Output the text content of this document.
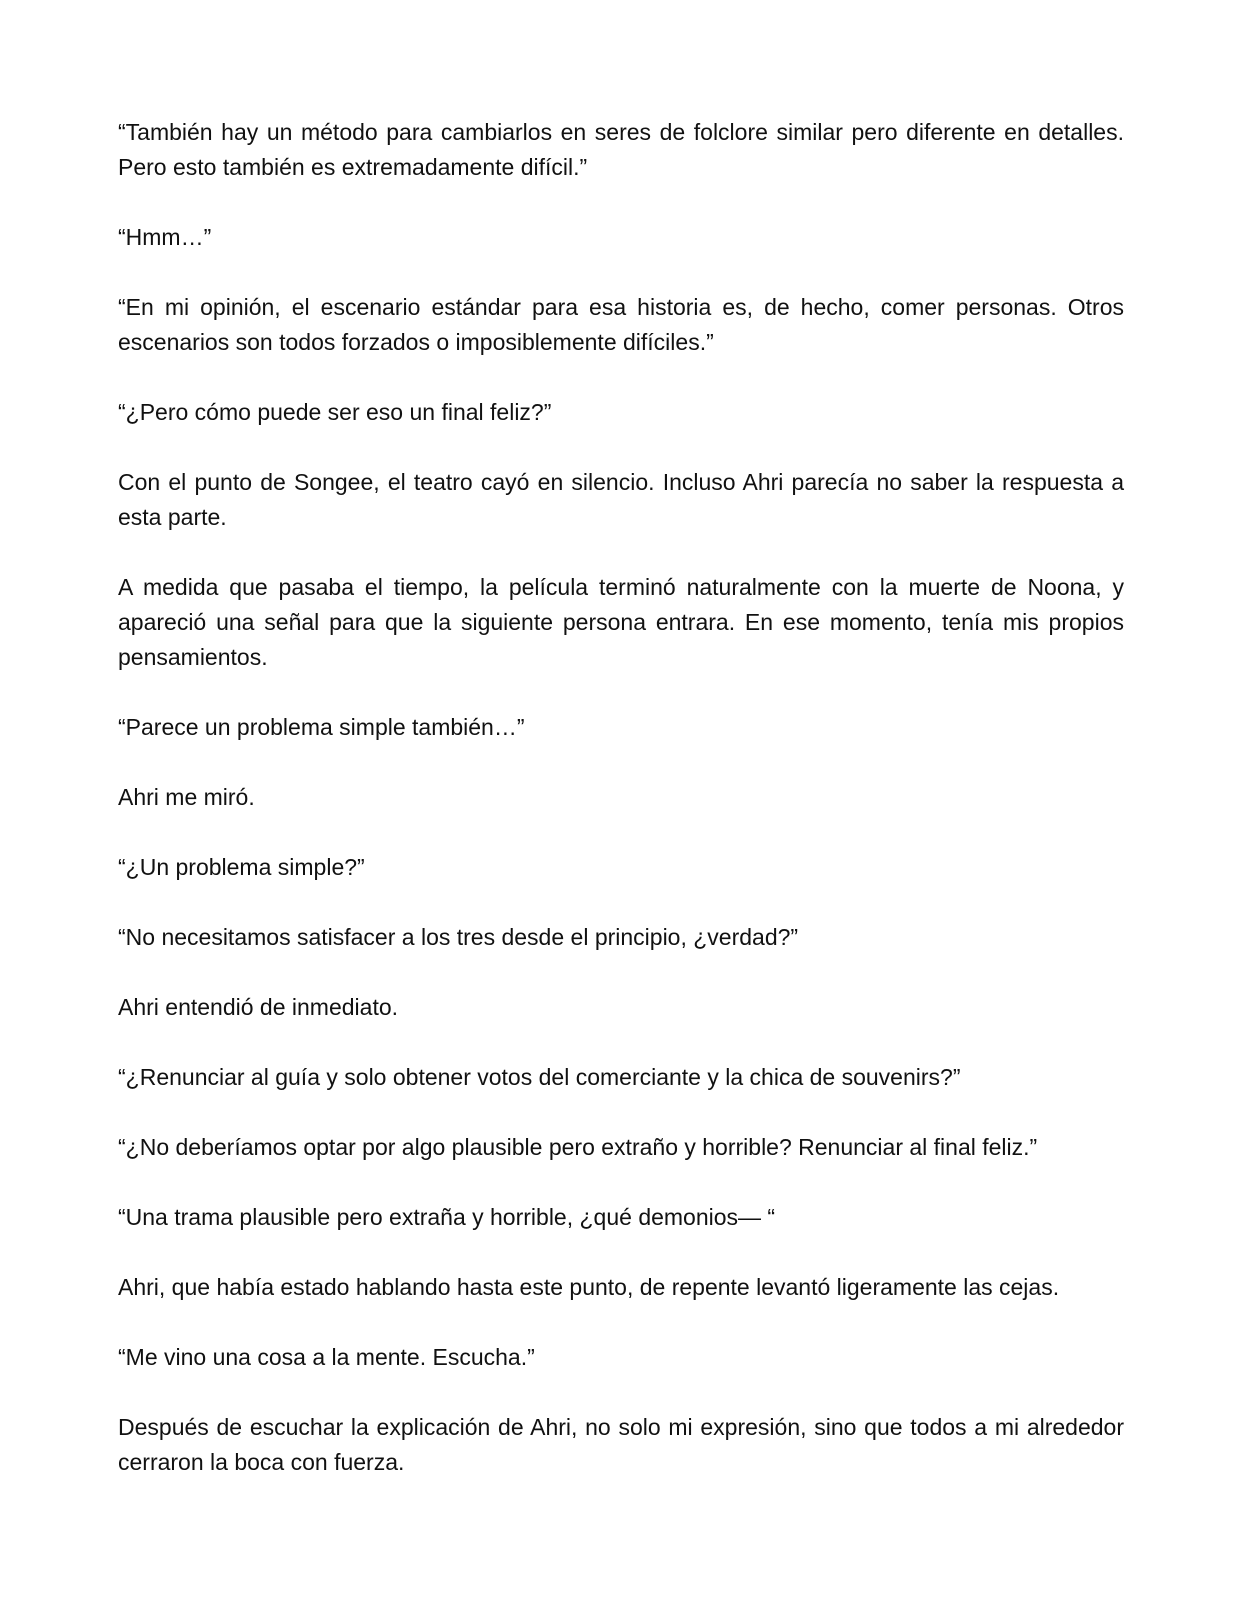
“También hay un método para cambiarlos en seres de folclore similar pero diferente en detalles. Pero esto también es extremadamente difícil.”

“Hmm…”

“En mi opinión, el escenario estándar para esa historia es, de hecho, comer personas. Otros escenarios son todos forzados o imposiblemente difíciles.”

“¿Pero cómo puede ser eso un final feliz?”

Con el punto de Songee, el teatro cayó en silencio. Incluso Ahri parecía no saber la respuesta a esta parte.

A medida que pasaba el tiempo, la película terminó naturalmente con la muerte de Noona, y apareció una señal para que la siguiente persona entrara. En ese momento, tenía mis propios pensamientos.

“Parece un problema simple también…”

Ahri me miró.

“¿Un problema simple?”

“No necesitamos satisfacer a los tres desde el principio, ¿verdad?”

Ahri entendió de inmediato.

“¿Renunciar al guía y solo obtener votos del comerciante y la chica de souvenirs?”

“¿No deberíamos optar por algo plausible pero extraño y horrible? Renunciar al final feliz.”

“Una trama plausible pero extraña y horrible, ¿qué demonios— “

Ahri, que había estado hablando hasta este punto, de repente levantó ligeramente las cejas.

“Me vino una cosa a la mente. Escucha.”

Después de escuchar la explicación de Ahri, no solo mi expresión, sino que todos a mi alrededor cerraron la boca con fuerza.
